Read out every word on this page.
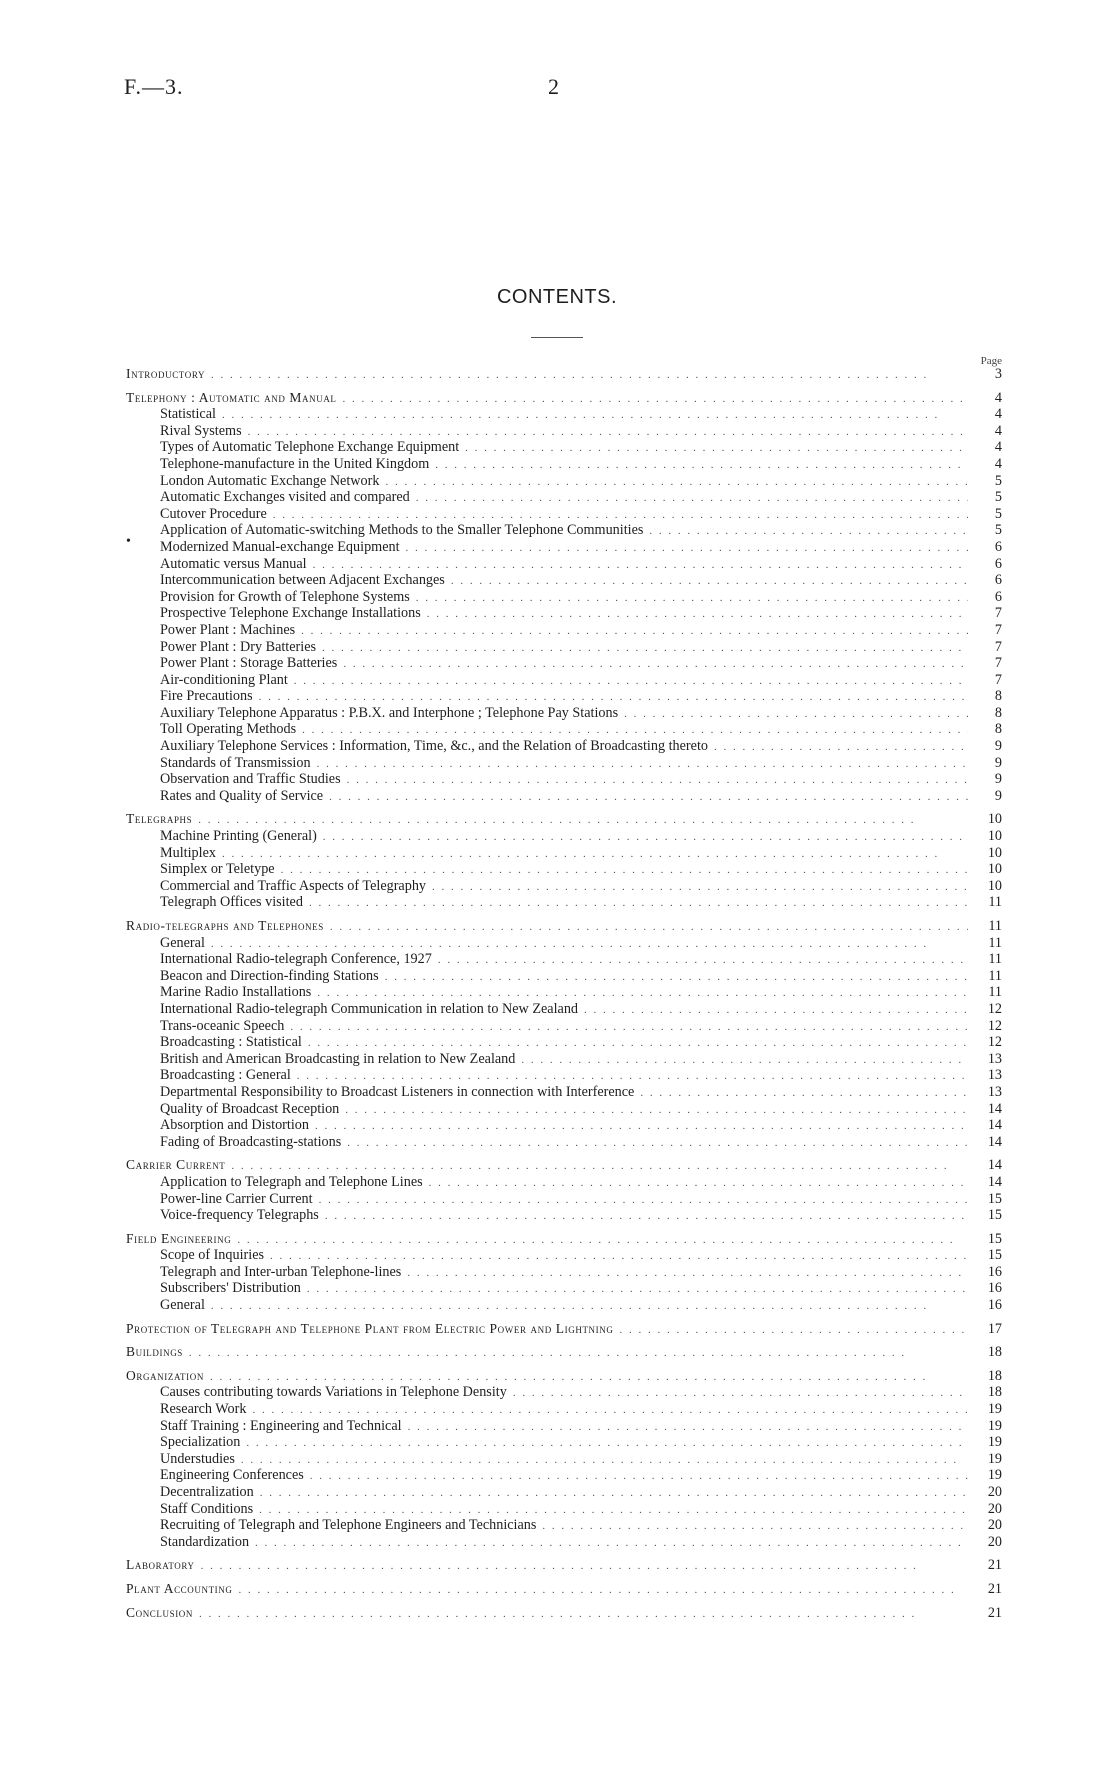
F.—3.	2
CONTENTS.
Page
•
Introductory . .	3
Telephony : Automatic and Manual . .	4
Statistical . .	4
Rival Systems . .	4
Types of Automatic Telephone Exchange Equipment . .	4
Telephone-manufacture in the United Kingdom . .	4
London Automatic Exchange Network . .	5
Automatic Exchanges visited and compared . .	5
Cutover Procedure . .	5
Application of Automatic-switching Methods to the Smaller Telephone Communities . .	5
Modernized Manual-exchange Equipment . .	6
Automatic versus Manual . .	6
Intercommunication between Adjacent Exchanges . .	6
Provision for Growth of Telephone Systems . .	6
Prospective Telephone Exchange Installations . .	7
Power Plant : Machines . .	7
Power Plant : Dry Batteries . .	7
Power Plant : Storage Batteries . .	7
Air-conditioning Plant . .	7
Fire Precautions . .	8
Auxiliary Telephone Apparatus : P.B.X. and Interphone ; Telephone Pay Stations . .	8
Toll Operating Methods . .	8
Auxiliary Telephone Services : Information, Time, &c., and the Relation of Broadcasting thereto . .	9
Standards of Transmission . .	9
Observation and Traffic Studies . .	9
Rates and Quality of Service . .	9
Telegraphs . .	10
Machine Printing (General) . .	10
Multiplex . .	10
Simplex or Teletype . .	10
Commercial and Traffic Aspects of Telegraphy . .	10
Telegraph Offices visited . .	11
Radio-telegraphs and Telephones . .	11
General . .	11
International Radio-telegraph Conference, 1927 . .	11
Beacon and Direction-finding Stations . .	11
Marine Radio Installations . .	11
International Radio-telegraph Communication in relation to New Zealand . .	12
Trans-oceanic Speech . .	12
Broadcasting : Statistical . .	12
British and American Broadcasting in relation to New Zealand . .	13
Broadcasting : General . .	13
Departmental Responsibility to Broadcast Listeners in connection with Interference . .	13
Quality of Broadcast Reception . .	14
Absorption and Distortion . .	14
Fading of Broadcasting-stations . .	14
Carrier Current . .	14
Application to Telegraph and Telephone Lines . .	14
Power-line Carrier Current . .	15
Voice-frequency Telegraphs . .	15
Field Engineering . .	15
Scope of Inquiries . .	15
Telegraph and Inter-urban Telephone-lines . .	16
Subscribers' Distribution . .	16
General . .	16
Protection of Telegraph and Telephone Plant from Electric Power and Lightning . .	17
Buildings . .	18
Organization . .	18
Causes contributing towards Variations in Telephone Density . .	18
Research Work . .	19
Staff Training : Engineering and Technical . .	19
Specialization . .	19
Understudies . .	19
Engineering Conferences . .	19
Decentralization . .	20
Staff Conditions . .	20
Recruiting of Telegraph and Telephone Engineers and Technicians . .	20
Standardization . .	20
Laboratory . .	21
Plant Accounting . .	21
Conclusion . .	21
